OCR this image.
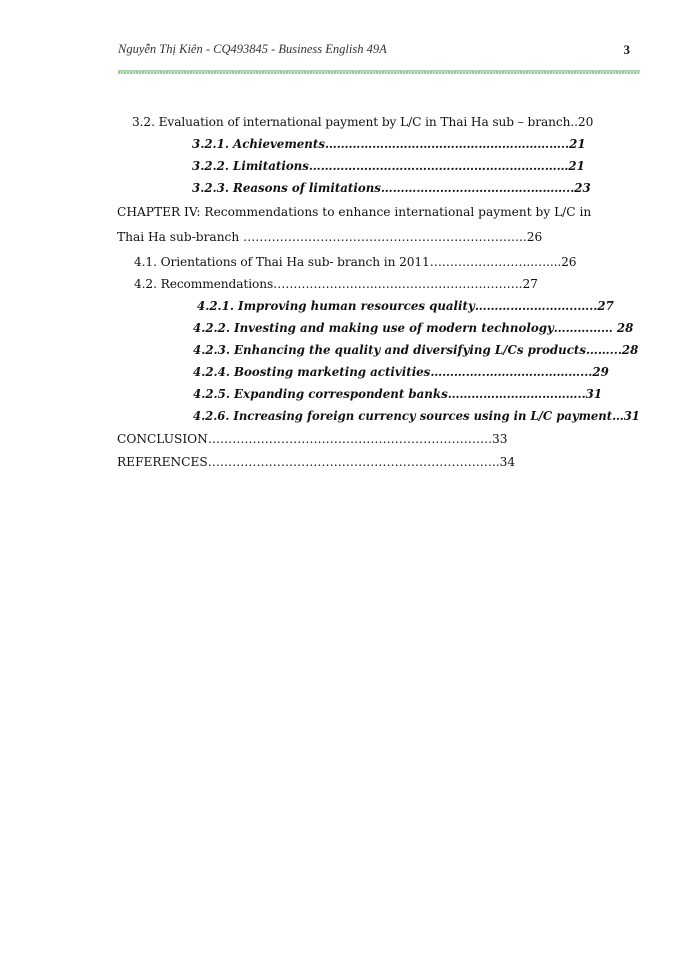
Nguyễn Thị Kiên - CQ493845 - Business English 49A	3
3.2. Evaluation of international payment by L/C in Thai Ha sub – branch..20
3.2.1. Achievements……………………………………………………..21
3.2.2. Limitations…………………………………………………………21
3.2.3. Reasons of limitations………………………………..………..23
CHAPTER IV: Recommendations to enhance international payment by L/C in
Thai Ha sub-branch ………………………………………….………………...26
4.1. Orientations of Thai Ha sub- branch in 2011……………………..…....26
4.2. Recommendations…………………….……………………………….27
4.2.1. Improving human resources quality……………………..…..27
4.2.2. Investing and making use of modern technology…………… 28
4.2.3. Enhancing the quality and diversifying L/Cs products……...28
4.2.4. Boosting marketing activities…………..……………………...29
4.2.5. Expanding correspondent banks……………………………..31
4.2.6. Increasing foreign currency sources using in L/C payment…31
CONCLUSION…………………………………………………………….33
REFERENCES………………………………………………………….…..34
